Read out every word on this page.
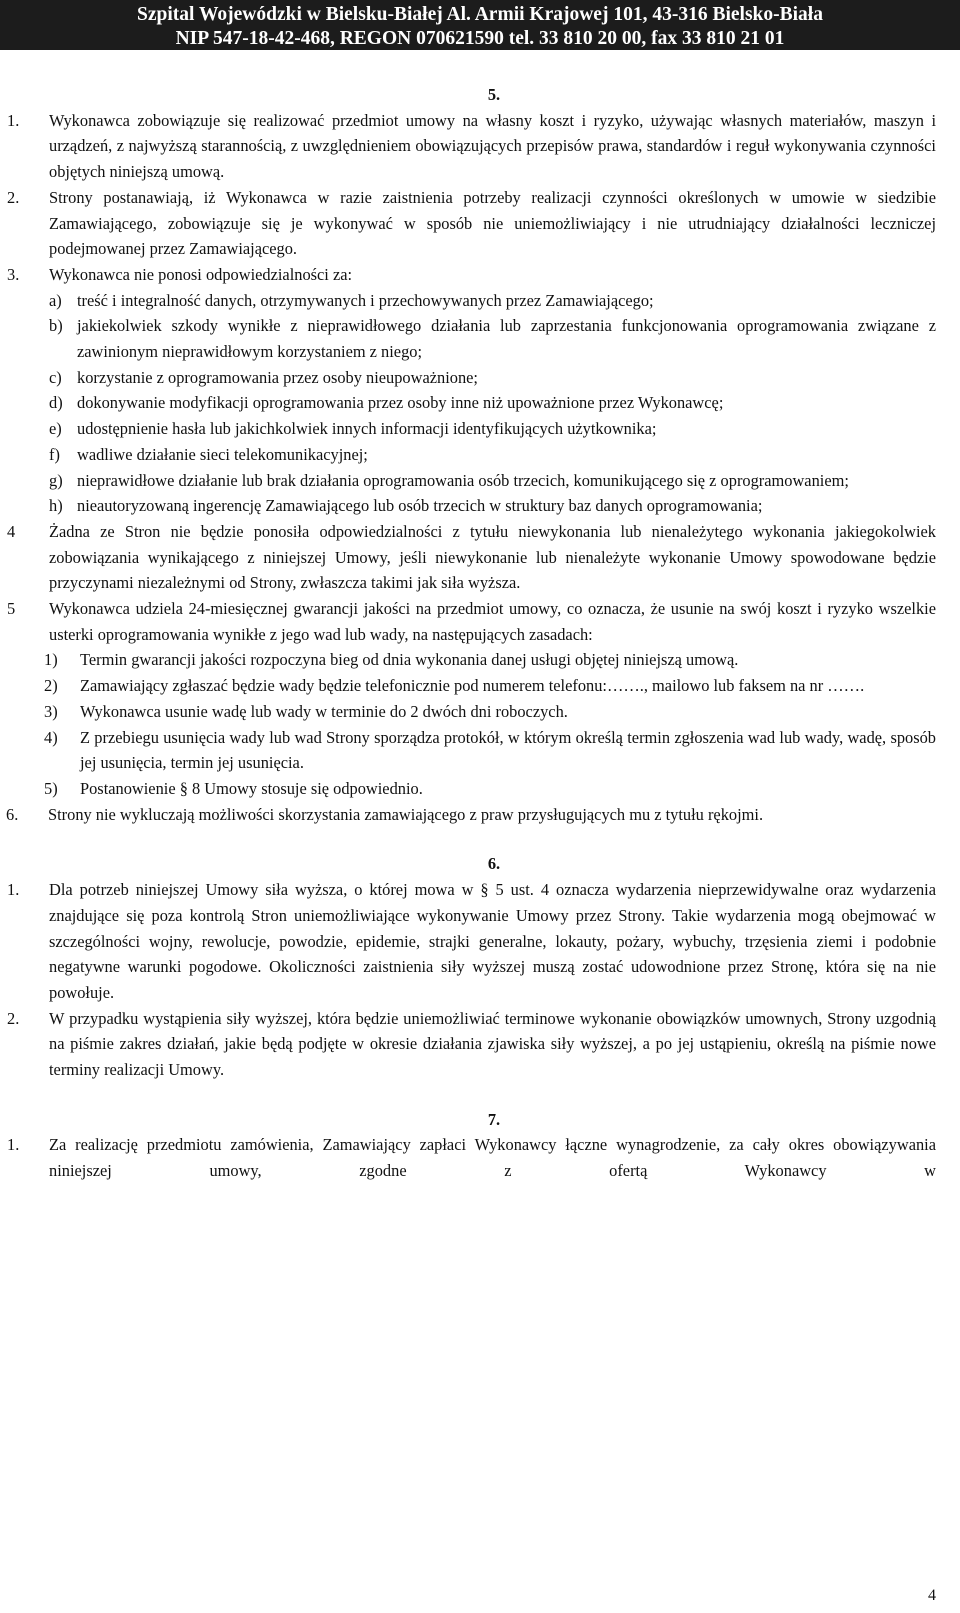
Szpital Wojewódzki w Bielsku-Białej Al. Armii Krajowej 101, 43-316 Bielsko-Biała
NIP 547-18-42-468, REGON 070621590 tel. 33 810 20 00, fax 33 810 21 01
5.
1. Wykonawca zobowiązuje się realizować przedmiot umowy na własny koszt i ryzyko, używając własnych materiałów, maszyn i urządzeń, z najwyższą starannością, z uwzględnieniem obowiązujących przepisów prawa, standardów i reguł wykonywania czynności objętych niniejszą umową.
2. Strony postanawiają, iż Wykonawca w razie zaistnienia potrzeby realizacji czynności określonych w umowie w siedzibie Zamawiającego, zobowiązuje się je wykonywać w sposób nie uniemożliwiający i nie utrudniający działalności leczniczej podejmowanej przez Zamawiającego.
3. Wykonawca nie ponosi odpowiedzialności za:
a) treść i integralność danych, otrzymywanych i przechowywanych przez Zamawiającego;
b) jakiekolwiek szkody wynikłe z nieprawidłowego działania lub zaprzestania funkcjonowania oprogramowania związane z zawinionym nieprawidłowym korzystaniem z niego;
c) korzystanie z oprogramowania przez osoby nieupoważnione;
d) dokonywanie modyfikacji oprogramowania przez osoby inne niż upoważnione przez Wykonawcę;
e) udostępnienie hasła lub jakichkolwiek innych informacji identyfikujących użytkownika;
f) wadliwe działanie sieci telekomunikacyjnej;
g) nieprawidłowe działanie lub brak działania oprogramowania osób trzecich, komunikującego się z oprogramowaniem;
h) nieautoryzowaną ingerencję Zamawiającego lub osób trzecich w struktury baz danych oprogramowania;
4 Żadna ze Stron nie będzie ponosiła odpowiedzialności z tytułu niewykonania lub nienależytego wykonania jakiegokolwiek zobowiązania wynikającego z niniejszej Umowy, jeśli niewykonanie lub nienależyte wykonanie Umowy spowodowane będzie przyczynami niezależnymi od Strony, zwłaszcza takimi jak siła wyższa.
5 Wykonawca udziela 24-miesięcznej gwarancji jakości na przedmiot umowy, co oznacza, że usunie na swój koszt i ryzyko wszelkie usterki oprogramowania wynikłe z jego wad lub wady, na następujących zasadach:
1) Termin gwarancji jakości rozpoczyna bieg od dnia wykonania danej usługi objętej niniejszą umową.
2) Zamawiający zgłaszać będzie wady będzie telefonicznie pod numerem telefonu:……., mailowo lub faksem na nr …….
3) Wykonawca usunie wadę lub wady w terminie do 2 dwóch dni roboczych.
4) Z przebiegu usunięcia wady lub wad Strony sporządza protokół, w którym określą termin zgłoszenia wad lub wady, wadę, sposób jej usunięcia, termin jej usunięcia.
5) Postanowienie § 8 Umowy stosuje się odpowiednio.
6. Strony nie wykluczają możliwości skorzystania zamawiającego z praw przysługujących mu z tytułu rękojmi.
6.
1. Dla potrzeb niniejszej Umowy siła wyższa, o której mowa w § 5 ust. 4 oznacza wydarzenia nieprzewidywalne oraz wydarzenia znajdujące się poza kontrolą Stron uniemożliwiające wykonywanie Umowy przez Strony. Takie wydarzenia mogą obejmować w szczególności wojny, rewolucje, powodzie, epidemie, strajki generalne, lokauty, pożary, wybuchy, trzęsienia ziemi i podobnie negatywne warunki pogodowe. Okoliczności zaistnienia siły wyższej muszą zostać udowodnione przez Stronę, która się na nie powołuje.
2. W przypadku wystąpienia siły wyższej, która będzie uniemożliwiać terminowe wykonanie obowiązków umownych, Strony uzgodnią na piśmie zakres działań, jakie będą podjęte w okresie działania zjawiska siły wyższej, a po jej ustąpieniu, określą na piśmie nowe terminy realizacji Umowy.
7.
1. Za realizację przedmiotu zamówienia, Zamawiający zapłaci Wykonawcy łączne wynagrodzenie, za cały okres obowiązywania niniejszej umowy, zgodne z ofertą Wykonawcy w
4
